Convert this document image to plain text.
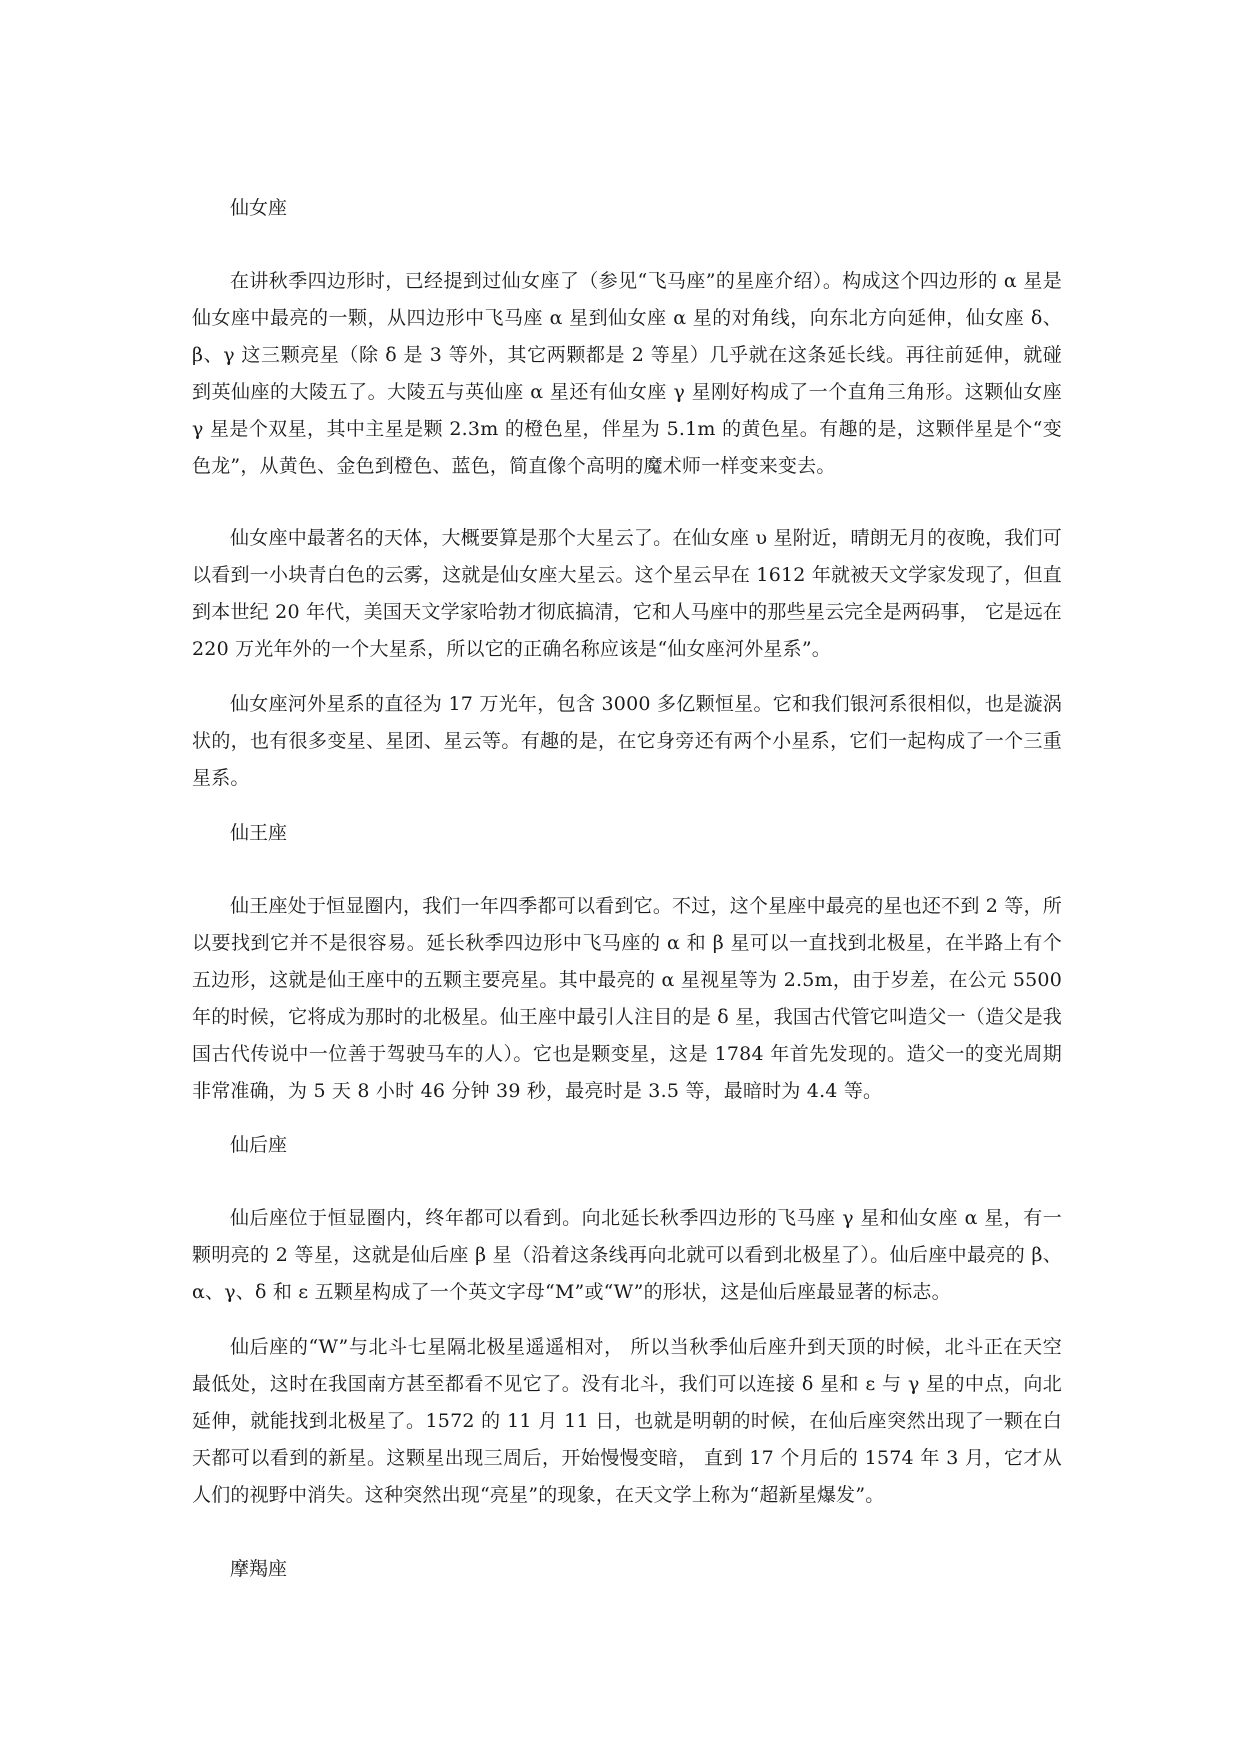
仙女座

在讲秋季四边形时，已经提到过仙女座了（参见“飞马座”的星座介绍）。构成这个四边形的 α 星是仙女座中最亮的一颗，从四边形中飞马座 α 星到仙女座 α 星的对角线，向东北方向延伸，仙女座 δ、β、γ 这三颗亮星（除 δ 是 3 等外，其它两颗都是 2 等星）几乎就在这条延长线。再往前延伸，就碰到英仙座的大陵五了。大陵五与英仙座 α 星还有仙女座 γ 星刚好构成了一个直角三角形。这颗仙女座 γ 星是个双星，其中主星是颗 2.3m 的橙色星，伴星为 5.1m 的黄色星。有趣的是，这颗伴星是个“变色龙”，从黄色、金色到橙色、蓝色，简直像个高明的魔术师一样变来变去。

仙女座中最著名的天体，大概要算是那个大星云了。在仙女座 υ 星附近，晴朗无月的夜晚，我们可以看到一小块青白色的云雾，这就是仙女座大星云。这个星云早在 1612 年就被天文学家发现了，但直到本世纪 20 年代，美国天文学家哈勃才彻底搞清，它和人马座中的那些星云完全是两码事， 它是远在 220 万光年外的一个大星系，所以它的正确名称应该是“仙女座河外星系”。

仙女座河外星系的直径为 17 万光年，包含 3000 多亿颗恒星。它和我们银河系很相似，也是漩涡状的，也有很多变星、星团、星云等。有趣的是，在它身旁还有两个小星系，它们一起构成了一个三重星系。

仙王座

仙王座处于恒显圈内，我们一年四季都可以看到它。不过，这个星座中最亮的星也还不到 2 等，所以要找到它并不是很容易。延长秋季四边形中飞马座的 α 和 β 星可以一直找到北极星，在半路上有个五边形，这就是仙王座中的五颗主要亮星。其中最亮的 α 星视星等为 2.5m，由于岁差，在公元 5500 年的时候，它将成为那时的北极星。仙王座中最引人注目的是 δ 星，我国古代管它叫造父一（造父是我国古代传说中一位善于驾驶马车的人）。它也是颗变星，这是 1784 年首先发现的。造父一的变光周期非常准确，为 5 天 8 小时 46 分钟 39 秒，最亮时是 3.5 等，最暗时为 4.4 等。

仙后座

仙后座位于恒显圈内，终年都可以看到。向北延长秋季四边形的飞马座 γ 星和仙女座 α 星，有一颗明亮的 2 等星，这就是仙后座 β 星（沿着这条线再向北就可以看到北极星了）。仙后座中最亮的 β、α、γ、δ 和 ε 五颗星构成了一个英文字母“M”或“W”的形状，这是仙后座最显著的标志。

仙后座的“W”与北斗七星隔北极星遥遥相对， 所以当秋季仙后座升到天顶的时候，北斗正在天空最低处，这时在我国南方甚至都看不见它了。没有北斗，我们可以连接 δ 星和 ε 与 γ 星的中点，向北延伸，就能找到北极星了。1572 的 11 月 11 日，也就是明朝的时候，在仙后座突然出现了一颗在白天都可以看到的新星。这颗星出现三周后，开始慢慢变暗， 直到 17 个月后的 1574 年 3 月，它才从人们的视野中消失。这种突然出现“亮星”的现象，在天文学上称为“超新星爆发”。

摩羯座
